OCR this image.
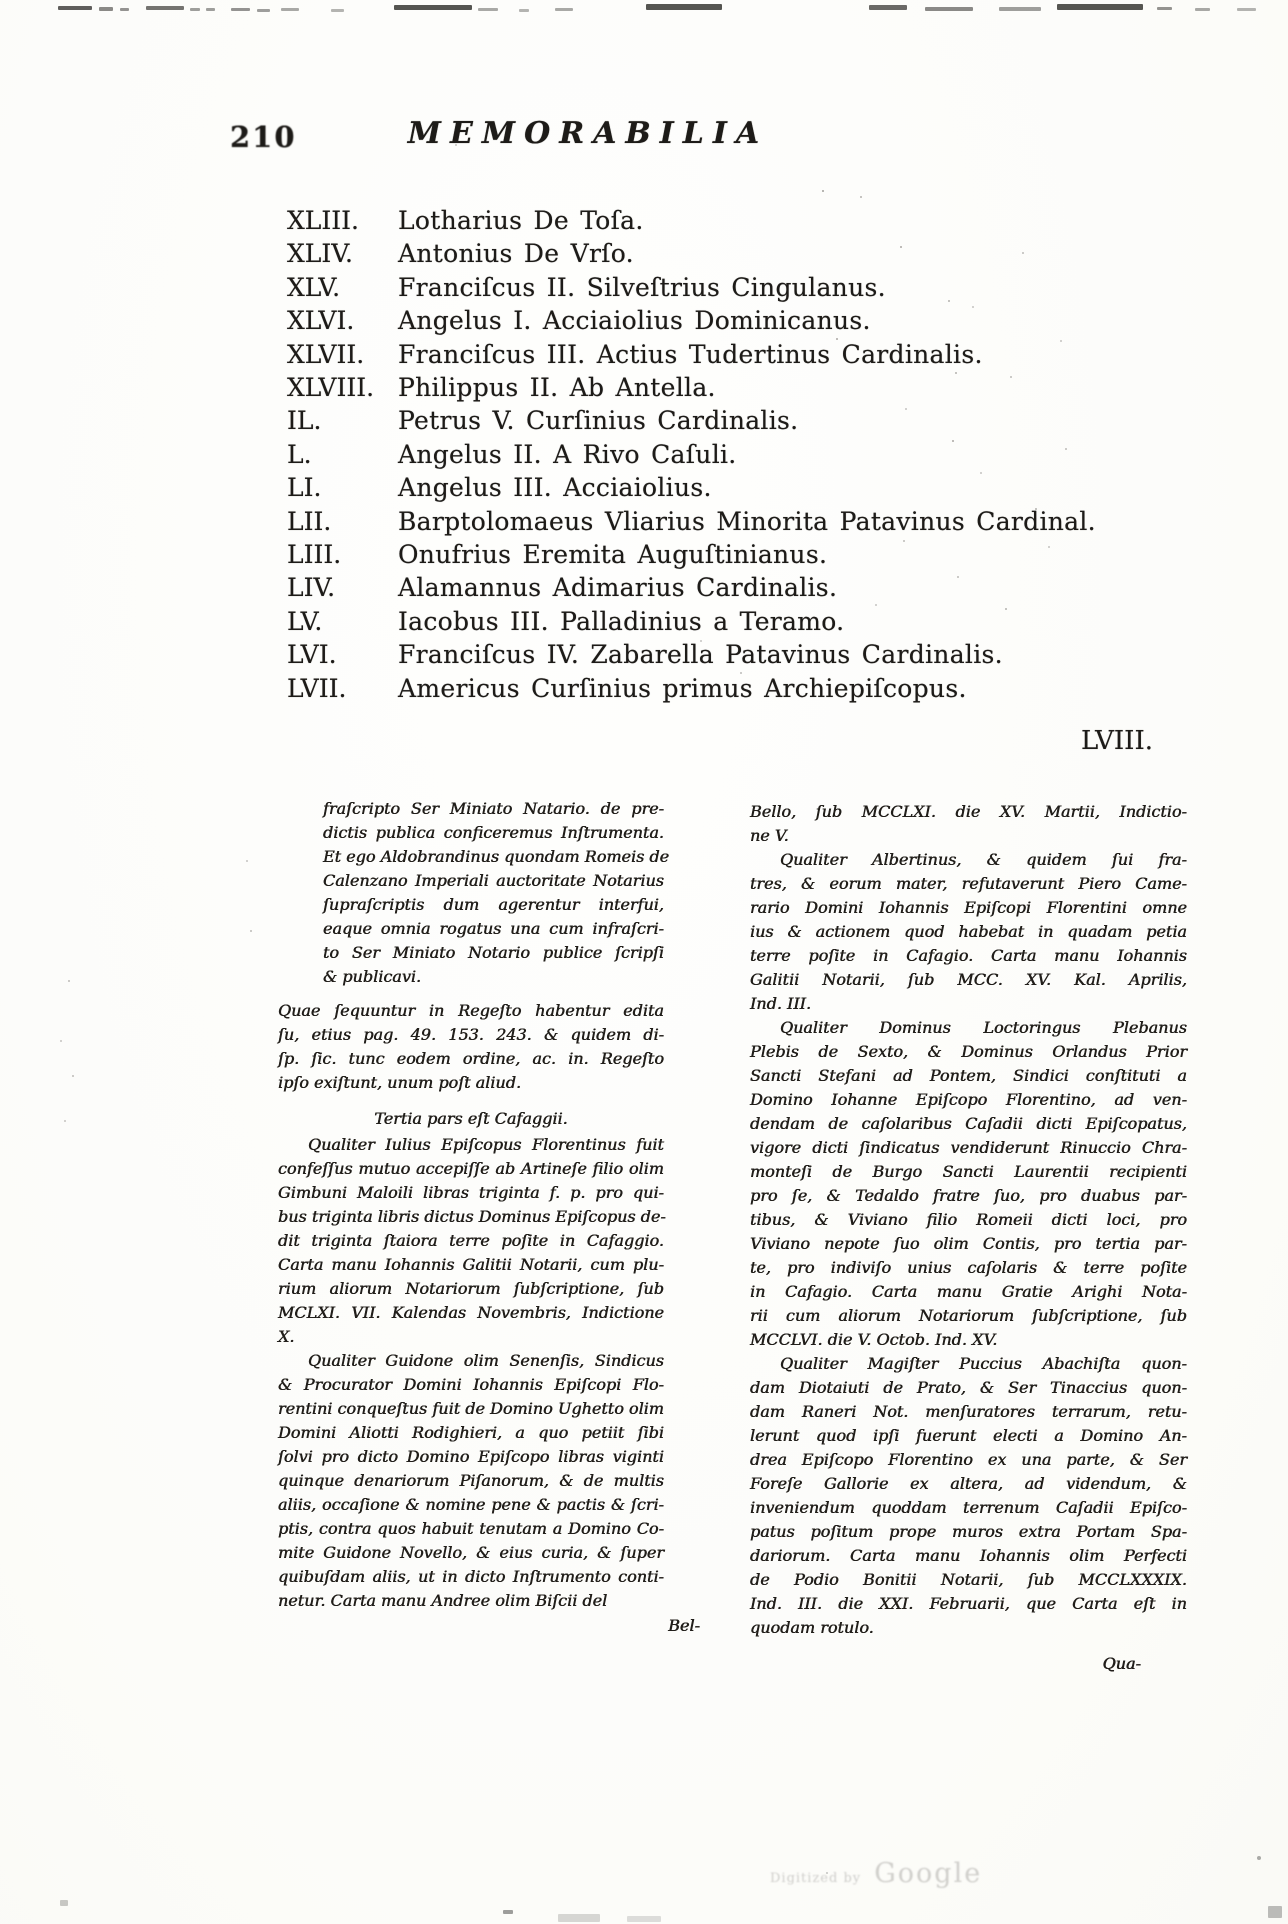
210	MEMORABILIA
XLIII.	Lotharius De Toſa.
XLIV.	Antonius De Vrſo.
XLV.	Franciſcus II. Silveſtrius Cingulanus.
XLVI.	Angelus I. Acciaiolius Dominicanus.
XLVII.	Franciſcus III. Actius Tudertinus Cardinalis.
XLVIII. Philippus II. Ab Antella.
IL.	Petrus V. Curſinius Cardinalis.
L.	Angelus II. A Rivo Caſuli.
LI.	Angelus III. Acciaiolius.
LII.	Barptolomaeus Vliarius Minorita Patavinus Cardinal.
LIII.	Onufrius Eremita Auguſtinianus.
LIV.	Alamannus Adimarius Cardinalis.
LV.	Iacobus III. Palladinius a Teramo.
LVI.	Franciſcus IV. Zabarella Patavinus Cardinalis.
LVII.	Americus Curſinius primus Archiepiſcopus.
LVIII.
fraſcripto Ser Miniato Natario. de pre-
dictis publica conficeremus Inſtrumenta.
Et ego Aldobrandinus quondam Romeis de
Calenzano Imperiali auctoritate Notarius
ſupraſcriptis dum agerentur interfui,
eaque omnia rogatus una cum infraſcri-
to Ser Miniato Notario publice ſcripſi
& publicavi.
Quae ſequuntur in Regeſto habentur edita
ſu, etius pag. 49. 153. 243. & quidem di-
ſp. ſic. tunc eodem ordine, ac. in. Regeſto
ipſo exiſtunt, unum poſt aliud.
Tertia pars eſt Cafaggii.
Qualiter Iulius Epiſcopus Florentinus fuit
confeſſus mutuo accepiſſe ab Artineſe filio olim
Gimbuni Maloili libras triginta f. p. pro qui-
bus triginta libris dictus Dominus Epiſcopus de-
dit triginta ſtaiora terre poſite in Cafaggio.
Carta manu Iohannis Galitii Notarii, cum plu-
rium aliorum Notariorum ſubſcriptione, ſub
MCLXI. VII. Kalendas Novembris, Indictione
X.
Qualiter Guidone olim Senenſis, Sindicus
& Procurator Domini Iohannis Epiſcopi Flo-
rentini conqueſtus fuit de Domino Ughetto olim
Domini Aliotti Rodighieri, a quo petiit ſibi
ſolvi pro dicto Domino Epiſcopo libras viginti
quinque denariorum Piſanorum, & de multis
aliis, occaſione & nomine pene & pactis & ſcri-
ptis, contra quos habuit tenutam a Domino Co-
mite Guidone Novello, & eius curia, & ſuper
quibuſdam aliis, ut in dicto Inſtrumento conti-
netur. Carta manu Andree olim Biſcii del
Bel-
Bello, ſub MCCLXI. die XV. Martii, Indictio-
ne V.
Qualiter Albertinus, & quidem ſui fra-
tres, & eorum mater, refutaverunt Piero Came-
rario Domini Iohannis Epiſcopi Florentini omne
ius & actionem quod habebat in quadam petia
terre poſite in Cafagio. Carta manu Iohannis
Galitii Notarii, ſub MCC. XV. Kal. Aprilis,
Ind. III.
Qualiter Dominus Loctoringus Plebanus
Plebis de Sexto, & Dominus Orlandus Prior
Sancti Stefani ad Pontem, Sindici conſtituti a
Domino Iohanne Epiſcopo Florentino, ad ven-
dendam de caſolaribus Caſadii dicti Epiſcopatus,
vigore dicti ſindicatus vendiderunt Rinuccio Chra-
monteſi de Burgo Sancti Laurentii recipienti
pro ſe, & Tedaldo fratre ſuo, pro duabus par-
tibus, & Viviano filio Romeii dicti loci, pro
Viviano nepote ſuo olim Contis, pro tertia par-
te, pro indiviſo unius caſolaris & terre poſite
in Cafagio. Carta manu Gratie Arighi Nota-
rii cum aliorum Notariorum ſubſcriptione, ſub
MCCLVI. die V. Octob. Ind. XV.
Qualiter Magiſter Puccius Abachiſta quon-
dam Diotaiuti de Prato, & Ser Tinaccius quon-
dam Raneri Not. menſuratores terrarum, retu-
lerunt quod ipſi fuerunt electi a Domino An-
drea Epiſcopo Florentino ex una parte, & Ser
Foreſe Gallorie ex altera, ad videndum, &
inveniendum quoddam terrenum Caſadii Epiſco-
patus poſitum prope muros extra Portam Spa-
dariorum. Carta manu Iohannis olim Perfecti
de Podio Bonitii Notarii, ſub MCCLXXXIX.
Ind. III. die XXI. Februarii, que Carta eſt in
quodam rotulo.
Qua-
Digitized by Google
